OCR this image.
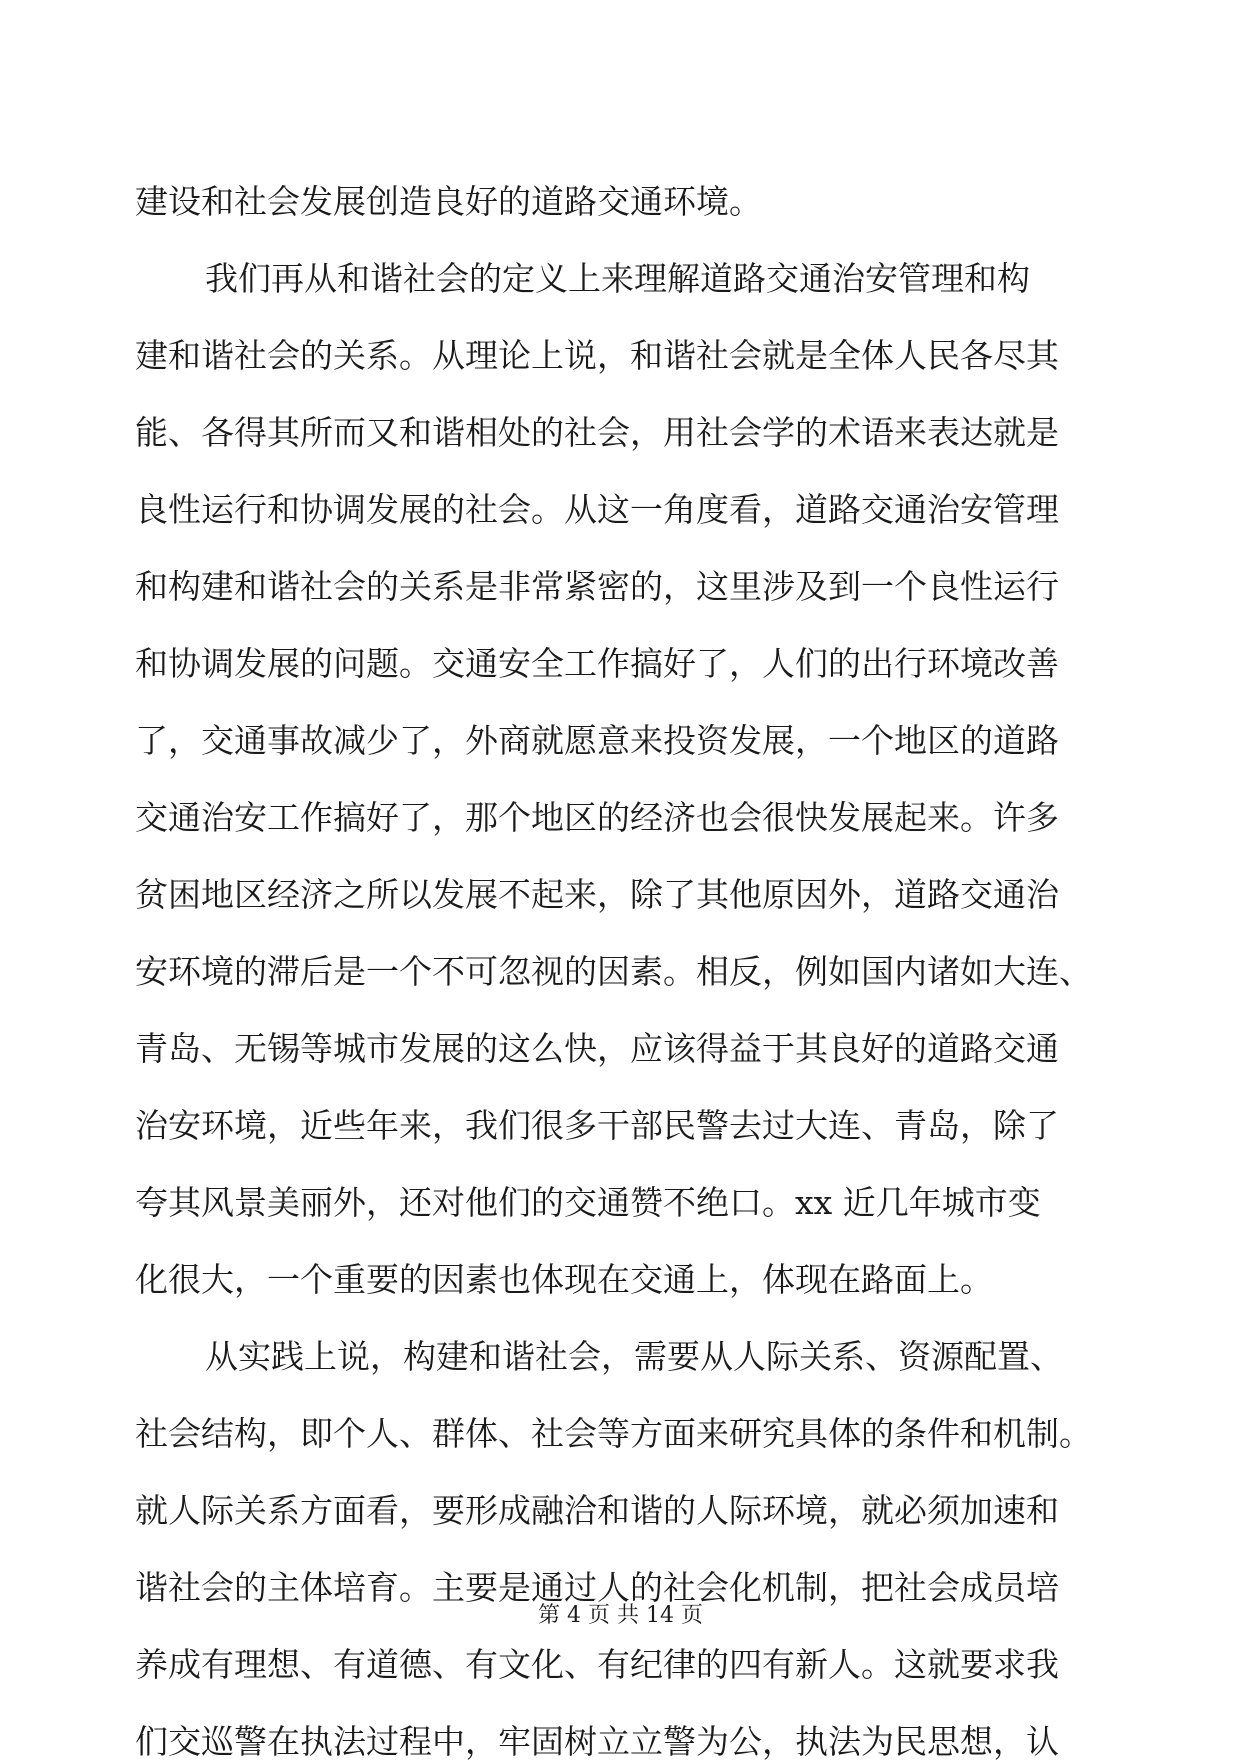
建设和社会发展创造良好的道路交通环境。
我们再从和谐社会的定义上来理解道路交通治安管理和构
建和谐社会的关系。从理论上说，和谐社会就是全体人民各尽其
能、各得其所而又和谐相处的社会，用社会学的术语来表达就是
良性运行和协调发展的社会。从这一角度看，道路交通治安管理
和构建和谐社会的关系是非常紧密的，这里涉及到一个良性运行
和协调发展的问题。交通安全工作搞好了，人们的出行环境改善
了，交通事故减少了，外商就愿意来投资发展，一个地区的道路
交通治安工作搞好了，那个地区的经济也会很快发展起来。许多
贫困地区经济之所以发展不起来，除了其他原因外，道路交通治
安环境的滞后是一个不可忽视的因素。相反，例如国内诸如大连、
青岛、无锡等城市发展的这么快，应该得益于其良好的道路交通
治安环境，近些年来，我们很多干部民警去过大连、青岛，除了
夸其风景美丽外，还对他们的交通赞不绝口。xx 近几年城市变
化很大，一个重要的因素也体现在交通上，体现在路面上。
从实践上说，构建和谐社会，需要从人际关系、资源配置、
社会结构，即个人、群体、社会等方面来研究具体的条件和机制。
就人际关系方面看，要形成融洽和谐的人际环境，就必须加速和
谐社会的主体培育。主要是通过人的社会化机制，把社会成员培
养成有理想、有道德、有文化、有纪律的四有新人。这就要求我
们交巡警在执法过程中，牢固树立立警为公，执法为民思想，认
第 4 页 共 14 页
